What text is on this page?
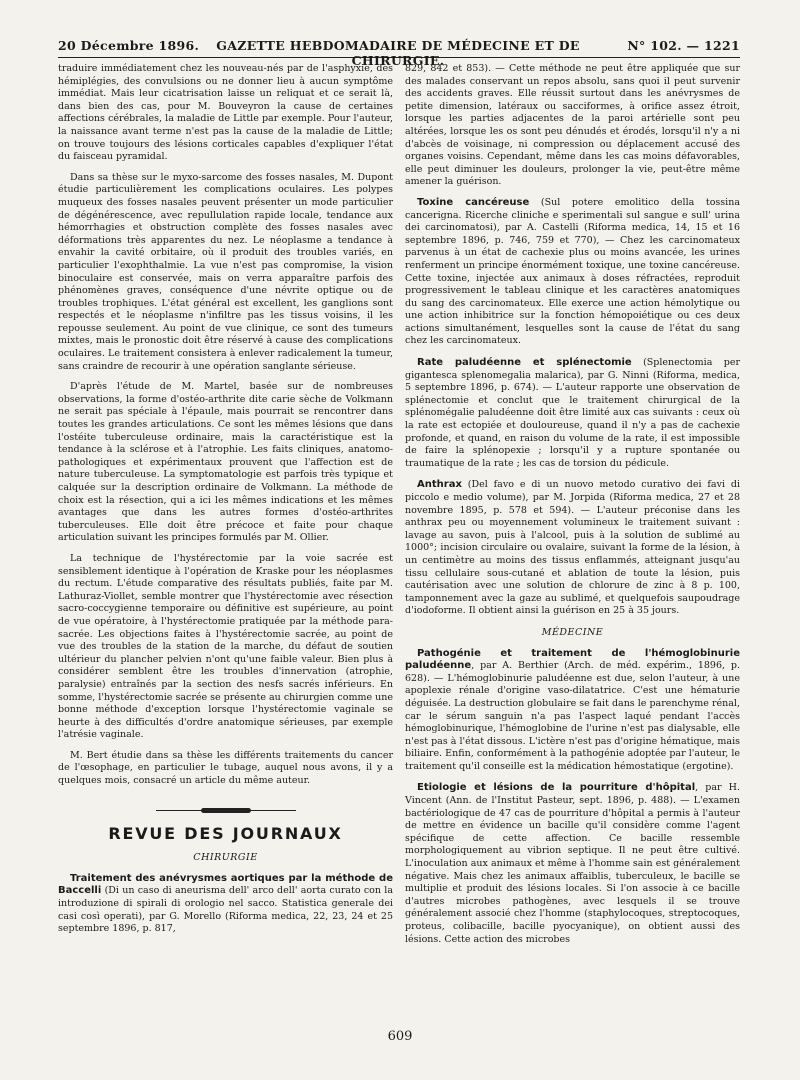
20 Décembre 1896.	GAZETTE HEBDOMADAIRE DE MÉDECINE ET DE CHIRURGIE.
N° 102. — 1221

traduire immédiatement chez les nouveau-nés par de l'asphyxie, des hémiplégies, des convulsions ou ne donner lieu à aucun symptôme immédiat. Mais leur cicatrisation laisse un reliquat et ce serait là, dans bien des cas, pour M. Bouveyron la cause de certaines affections cérébrales, la maladie de Little par exemple. Pour l'auteur, la naissance avant terme n'est pas la cause de la maladie de Little; on trouve toujours des lésions corticales capables d'expliquer l'état du faisceau pyramidal.

Dans sa thèse sur le myxo-sarcome des fosses nasales, M. Dupont étudie particulièrement les complications oculaires. Les polypes muqueux des fosses nasales peuvent présenter un mode particulier de dégénérescence, avec repullulation rapide locale, tendance aux hémorrhagies et obstruction complète des fosses nasales avec déformations très apparentes du nez. Le néoplasme a tendance à envahir la cavité orbitaire, où il produit des troubles variés, en particulier l'exophthalmie. La vue n'est pas compromise, la vision binoculaire est conservée, mais on verra apparaître parfois des phénomènes graves, conséquence d'une névrite optique ou de troubles trophiques. L'état général est excellent, les ganglions sont respectés et le néoplasme n'infiltre pas les tissus voisins, il les repousse seulement. Au point de vue clinique, ce sont des tumeurs mixtes, mais le pronostic doit être réservé à cause des complications oculaires. Le traitement consistera à enlever radicalement la tumeur, sans craindre de recourir à une opération sanglante sérieuse.

D'après l'étude de M. Martel, basée sur de nombreuses observations, la forme d'ostéo-arthrite dite carie sèche de Volkmann ne serait pas spéciale à l'épaule, mais pourrait se rencontrer dans toutes les grandes articulations. Ce sont les mêmes lésions que dans l'ostéite tuberculeuse ordinaire, mais la caractéristique est la tendance à la sclérose et à l'atrophie. Les faits cliniques, anatomo-pathologiques et expérimentaux prouvent que l'affection est de nature tuberculeuse. La symptomatologie est parfois très typique et calquée sur la description ordinaire de Volkmann. La méthode de choix est la résection, qui a ici les mêmes indications et les mêmes avantages que dans les autres formes d'ostéo-arthrites tuberculeuses. Elle doit être précoce et faite pour chaque articulation suivant les principes formulés par M. Ollier.

La technique de l'hystérectomie par la voie sacrée est sensiblement identique à l'opération de Kraske pour les néoplasmes du rectum. L'étude comparative des résultats publiés, faite par M. Lathuraz-Viollet, semble montrer que l'hystérectomie avec résection sacro-coccygienne temporaire ou définitive est supérieure, au point de vue opératoire, à l'hystérectomie pratiquée par la méthode para-sacrée. Les objections faites à l'hystérectomie sacrée, au point de vue des troubles de la station de la marche, du défaut de soutien ultérieur du plancher pelvien n'ont qu'une faible valeur. Bien plus à considérer semblent être les troubles d'innervation (atrophie, paralysie) entraînés par la section des nesfs sacrés inférieurs. En somme, l'hystérectomie sacrée se présente au chirurgien comme une bonne méthode d'exception lorsque l'hystérectomie vaginale se heurte à des difficultés d'ordre anatomique sérieuses, par exemple l'atrésie vaginale.

M. Bert étudie dans sa thèse les différents traitements du cancer de l'œsophage, en particulier le tubage, auquel nous avons, il y a quelques mois, consacré un article du même auteur.

REVUE DES JOURNAUX
CHIRURGIE

Traitement des anévrysmes aortiques par la méthode de Baccelli (Di un caso di aneurisma dell' arco dell' aorta curato con la introduzione di spirali di orologio nel sacco. Statistica generale dei casi così operati), par G. Morello (Riforma medica, 22, 23, 24 et 25 septembre 1896, p. 817,

829, 842 et 853). — Cette méthode ne peut être appliquée que sur des malades conservant un repos absolu, sans quoi il peut survenir des accidents graves. Elle réussit surtout dans les anévrysmes de petite dimension, latéraux ou sacciformes, à orifice assez étroit, lorsque les parties adjacentes de la paroi artérielle sont peu altérées, lorsque les os sont peu dénudés et érodés, lorsqu'il n'y a ni d'abcès de voisinage, ni compression ou déplacement accusé des organes voisins. Cependant, même dans les cas moins défavorables, elle peut diminuer les douleurs, prolonger la vie, peut-être même amener la guérison.

Toxine cancéreuse (Sul potere emolitico della tossina cancerigna. Ricerche cliniche e sperimentali sul sangue e sull' urina dei carcinomatosi), par A. Castelli (Riforma medica, 14, 15 et 16 septembre 1896, p. 746, 759 et 770), — Chez les carcinomateux parvenus à un état de cachexie plus ou moins avancée, les urines renferment un principe énormément toxique, une toxine cancéreuse. Cette toxine, injectée aux animaux à doses réfractées, reproduit progressivement le tableau clinique et les caractères anatomiques du sang des carcinomateux. Elle exerce une action hémolytique ou une action inhibitrice sur la fonction hémopoiétique ou ces deux actions simultanément, lesquelles sont la cause de l'état du sang chez les carcinomateux.

Rate paludéenne et splénectomie (Splenectomia per gigantesca splenomegalia malarica), par G. Ninni (Riforma, medica, 5 septembre 1896, p. 674). — L'auteur rapporte une observation de splénectomie et conclut que le traitement chirurgical de la splénomégalie paludéenne doit être limité aux cas suivants : ceux où la rate est ectopiée et douloureuse, quand il n'y a pas de cachexie profonde, et quand, en raison du volume de la rate, il est impossible de faire la splénopexie ; lorsqu'il y a rupture spontanée ou traumatique de la rate ; les cas de torsion du pédicule.

Anthrax (Del favo e di un nuovo metodo curativo dei favi di piccolo e medio volume), par M. Jorpida (Riforma medica, 27 et 28 novembre 1895, p. 578 et 594). — L'auteur préconise dans les anthrax peu ou moyennement volumineux le traitement suivant : lavage au savon, puis à l'alcool, puis à la solution de sublimé au 1000°; incision circulaire ou ovalaire, suivant la forme de la lésion, à un centimètre au moins des tissus enflammés, atteignant jusqu'au tissu cellulaire sous-cutané et ablation de toute la lésion, puis cautérisation avec une solution de chlorure de zinc à 8 p. 100, tamponnement avec la gaze au sublimé, et quelquefois saupoudrage d'iodoforme. Il obtient ainsi la guérison en 25 à 35 jours.

MÉDECINE

Pathogénie et traitement de l'hémoglobinurie paludéenne, par A. Berthier (Arch. de méd. expérim., 1896, p. 628). — L'hémoglobinurie paludéenne est due, selon l'auteur, à une apoplexie rénale d'origine vaso-dilatatrice. C'est une hématurie déguisée. La destruction globulaire se fait dans le parenchyme rénal, car le sérum sanguin n'a pas l'aspect laqué pendant l'accès hémoglobinurique, l'hémoglobine de l'urine n'est pas dialysable, elle n'est pas à l'état dissous. L'ictère n'est pas d'origine hématique, mais biliaire. Enfin, conformément à la pathogénie adoptée par l'auteur, le traitement qu'il conseille est la médication hémostatique (ergotine).

Etiologie et lésions de la pourriture d'hôpital, par H. Vincent (Ann. de l'Institut Pasteur, sept. 1896, p. 488). — L'examen bactériologique de 47 cas de pourriture d'hôpital a permis à l'auteur de mettre en évidence un bacille qu'il considère comme l'agent spécifique de cette affection. Ce bacille ressemble morphologiquement au vibrion septique. Il ne peut être cultivé. L'inoculation aux animaux et même à l'homme sain est généralement négative. Mais chez les animaux affaiblis, tuberculeux, le bacille se multiplie et produit des lésions locales. Si l'on associe à ce bacille d'autres microbes pathogènes, avec lesquels il se trouve généralement associé chez l'homme (staphylocoques, streptocoques, proteus, colibacille, bacille pyocyanique), on obtient aussi des lésions. Cette action des microbes

609
